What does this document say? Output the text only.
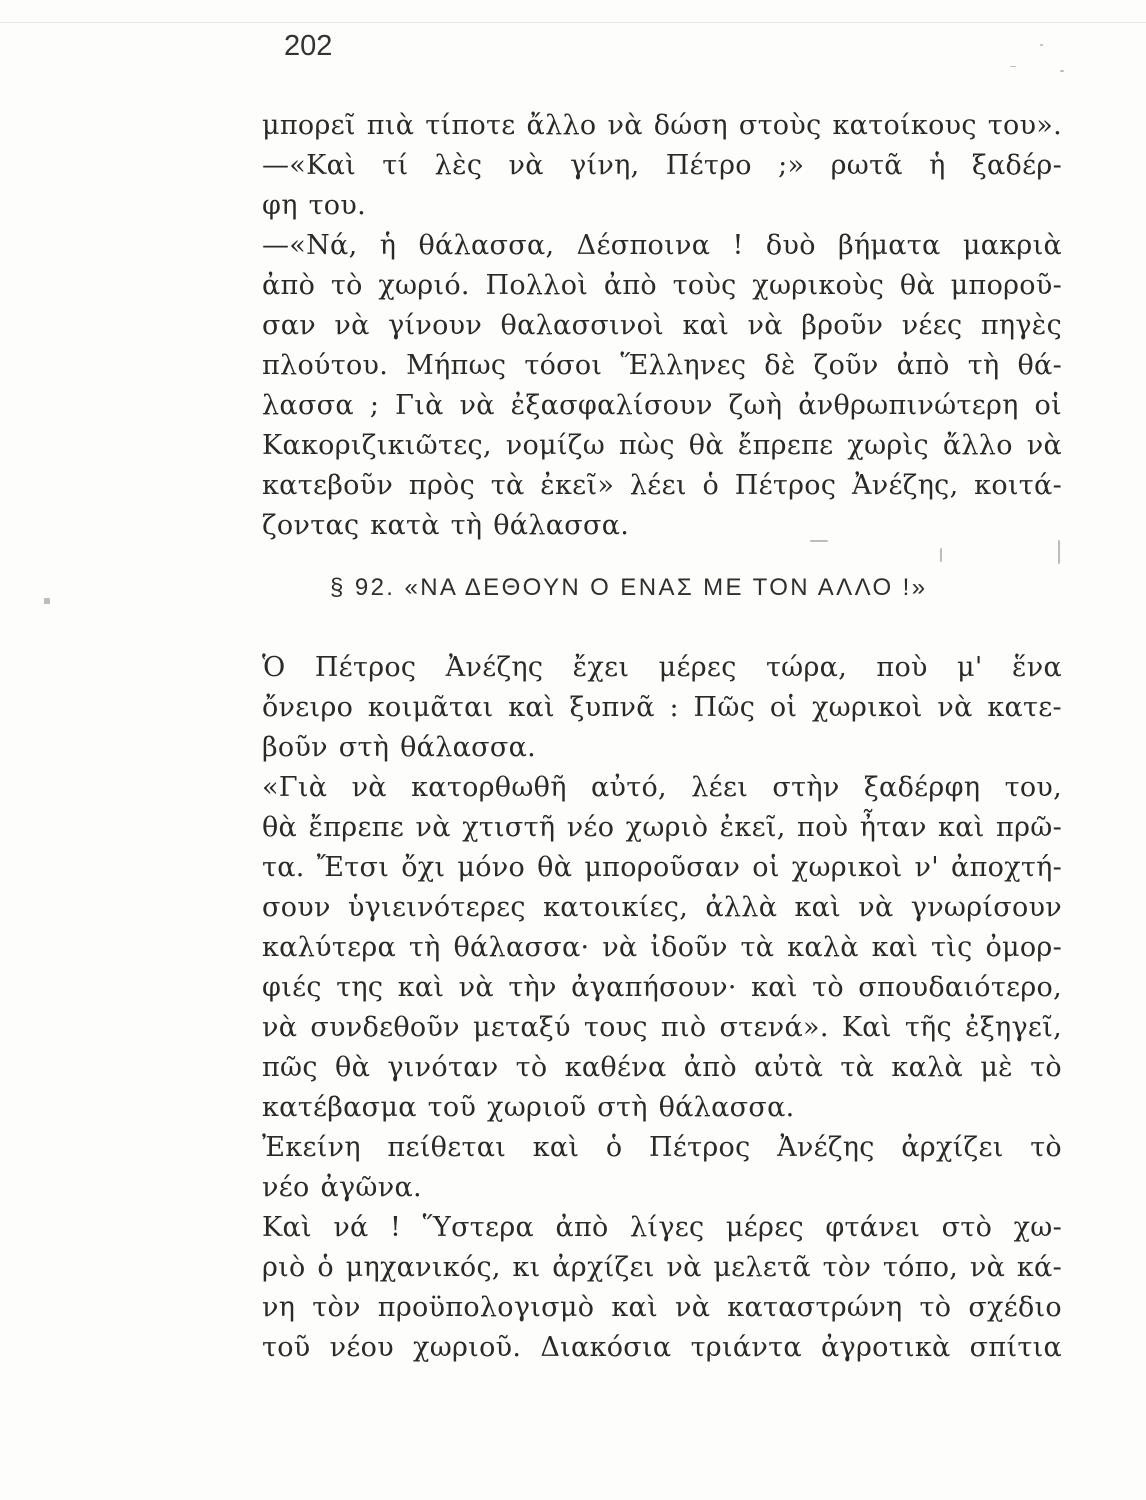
202
μπορεῖ πιὰ τίποτε ἄλλο νὰ δώση στοὺς κατοίκους του».
—«Καὶ τί λὲς νὰ γίνη, Πέτρο ;» ρωτᾶ ἡ ξαδέρ-
φη του.
—«Νά, ἡ θάλασσα, Δέσποινα ! δυὸ βήματα μακριὰ
ἀπὸ τὸ χωριό. Πολλοὶ ἀπὸ τοὺς χωρικοὺς θὰ μποροῦ-
σαν νὰ γίνουν θαλασσινοὶ καὶ νὰ βροῦν νέες πηγὲς
πλούτου. Μήπως τόσοι Ἕλληνες δὲ ζοῦν ἀπὸ τὴ θά-
λασσα ; Γιὰ νὰ ἐξασφαλίσουν ζωὴ ἀνθρωπινώτερη οἱ
Κακοριζικιῶτες, νομίζω πὼς θὰ ἔπρεπε χωρὶς ἄλλο νὰ
κατεβοῦν πρὸς τὰ ἐκεῖ» λέει ὁ Πέτρος Ἀνέζης, κοιτά-
ζοντας κατὰ τὴ θάλασσα.
§ 92. «ΝΑ ΔΕΘΟΥΝ Ο ΕΝΑΣ ΜΕ ΤΟΝ ΑΛΛΟ !»
Ὁ Πέτρος Ἀνέζης ἔχει μέρες τώρα, ποὺ μ' ἕνα
ὄνειρο κοιμᾶται καὶ ξυπνᾶ : Πῶς οἱ χωρικοὶ νὰ κατε-
βοῦν στὴ θάλασσα.
«Γιὰ νὰ κατορθωθῆ αὐτό, λέει στὴν ξαδέρφη του,
θὰ ἔπρεπε νὰ χτιστῆ νέο χωριὸ ἐκεῖ, ποὺ ἦταν καὶ πρῶ-
τα. Ἔτσι ὄχι μόνο θὰ μποροῦσαν οἱ χωρικοὶ ν' ἀποχτή-
σουν ὑγιεινότερες κατοικίες, ἀλλὰ καὶ νὰ γνωρίσουν
καλύτερα τὴ θάλασσα· νὰ ἰδοῦν τὰ καλὰ καὶ τὶς ὀμορ-
φιές της καὶ νὰ τὴν ἀγαπήσουν· καὶ τὸ σπουδαιότερο,
νὰ συνδεθοῦν μεταξύ τους πιὸ στενά». Καὶ τῆς ἐξηγεῖ,
πῶς θὰ γινόταν τὸ καθένα ἀπὸ αὐτὰ τὰ καλὰ μὲ τὸ
κατέβασμα τοῦ χωριοῦ στὴ θάλασσα.
Ἐκείνη πείθεται καὶ ὁ Πέτρος Ἀνέζης ἀρχίζει τὸ
νέο ἀγῶνα.
Καὶ νά ! Ὕστερα ἀπὸ λίγες μέρες φτάνει στὸ χω-
ριὸ ὁ μηχανικός, κι ἀρχίζει νὰ μελετᾶ τὸν τόπο, νὰ κά-
νη τὸν προϋπολογισμὸ καὶ νὰ καταστρώνη τὸ σχέδιο
τοῦ νέου χωριοῦ. Διακόσια τριάντα ἀγροτικὰ σπίτια
